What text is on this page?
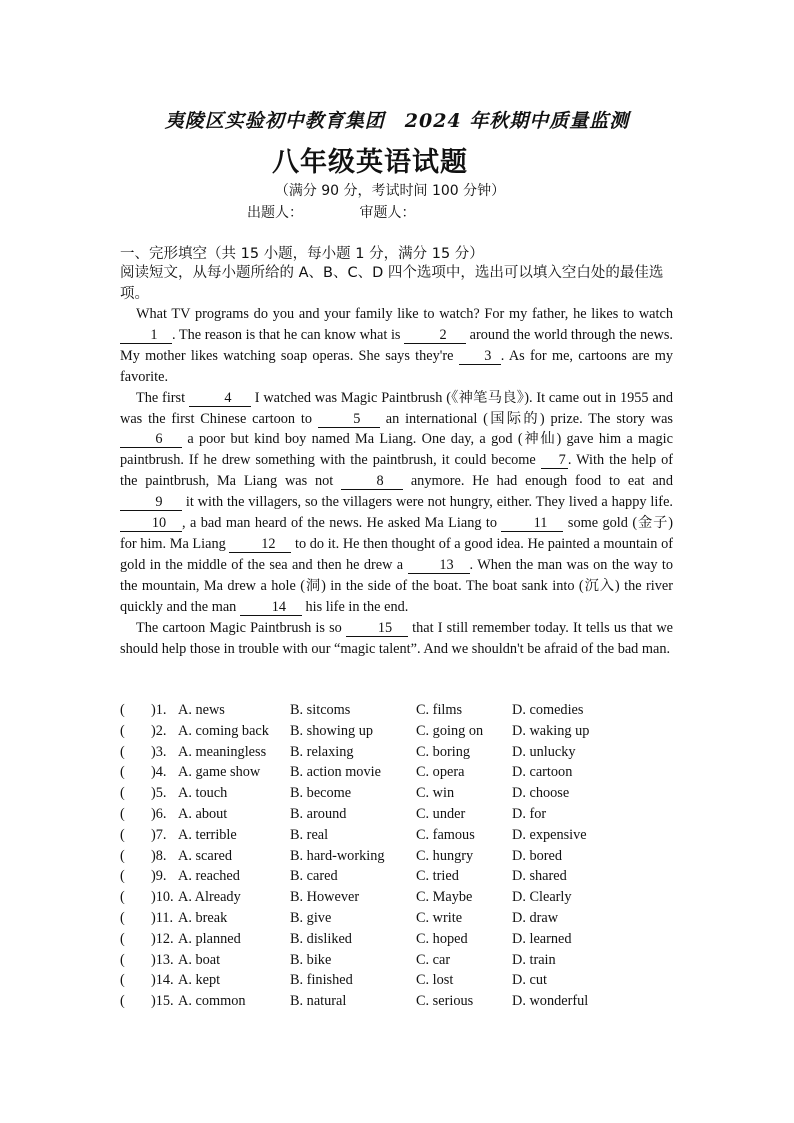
夷陵区实验初中教育集团　2024 年秋期中质量监测
八年级英语试题
（满分 90 分，考试时间 100 分钟）
出题人：	审题人：
一、完形填空（共 15 小题，每小题 1 分，满分 15 分）
阅读短文，从每小题所给的 A、B、C、D 四个选项中，选出可以填入空白处的最佳选项。

What TV programs do you and your family like to watch? For my father, he likes to watch 1 . The reason is that he can know what is 2 around the world through the news. My mother likes watching soap operas. She says they're 3 . As for me, cartoons are my favorite.

The first 4 I watched was Magic Paintbrush (《神笔马良》). It came out in 1955 and was the first Chinese cartoon to 5 an international (国际的) prize. The story was 6 a poor but kind boy named Ma Liang. One day, a god (神仙) gave him a magic paintbrush. If he drew something with the paintbrush, it could become 7 . With the help of the paintbrush, Ma Liang was not 8 anymore. He had enough food to eat and 9 it with the villagers, so the villagers were not hungry, either. They lived a happy life. 10 , a bad man heard of the news. He asked Ma Liang to 11 some gold (金子) for him. Ma Liang 12 to do it. He then thought of a good idea. He painted a mountain of gold in the middle of the sea and then he drew a 13 . When the man was on the way to the mountain, Ma drew a hole (洞) in the side of the boat. The boat sank into (沉入) the river quickly and the man 14 his life in the end.

The cartoon Magic Paintbrush is so 15 that I still remember today. It tells us that we should help those in trouble with our “magic talent”. And we shouldn't be afraid of the bad man.

( )1. A. news	B. sitcoms	C. films	D. comedies
( )2. A. coming back B. showing up	C. going on D. waking up
( )3. A. meaningless B. relaxing	C. boring	D. unlucky
( )4. A. game show B. action movie C. opera	D. cartoon
( )5. A. touch	B. become	C. win	D. choose
( )6. A. about	B. around	C. under	D. for
( )7. A. terrible	B. real	C. famous	D. expensive
( )8. A. scared	B. hard-working C. hungry	D. bored
( )9. A. reached	B. cared	C. tried	D. shared
( )10. A. Already	B. However	C. Maybe	D. Clearly
( )11. A. break	B. give	C. write	D. draw
( )12. A. planned	B. disliked	C. hoped	D. learned
( )13. A. boat	B. bike	C. car	D. train
( )14. A. kept	B. finished	C. lost	D. cut
( )15. A. common	B. natural	C. serious	D. wonderful
